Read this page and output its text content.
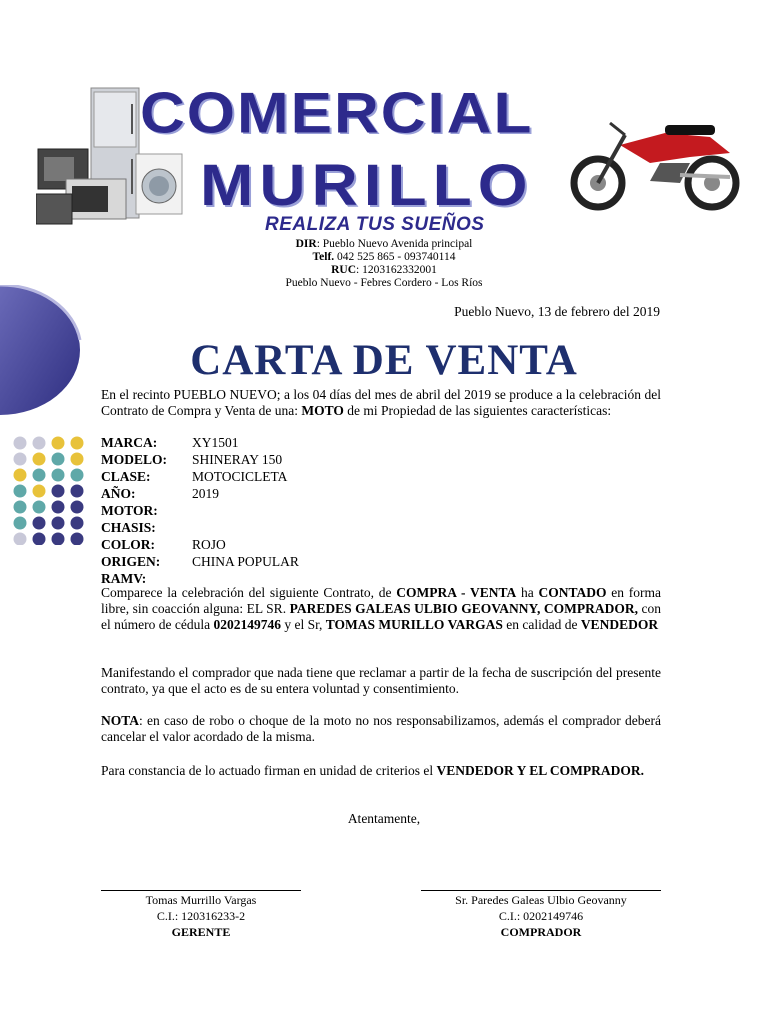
COMERCIAL
MURILLO
REALIZA TUS SUEÑOS
DIR: Pueblo Nuevo Avenida principal
Telf. 042 525 865 - 093740114
RUC: 1203162332001
Pueblo Nuevo - Febres Cordero - Los Ríos
Pueblo Nuevo, 13 de febrero del 2019
CARTA DE VENTA
En el recinto PUEBLO NUEVO; a los 04 días del mes de abril del 2019 se produce a la celebración del Contrato de Compra y Venta de una: MOTO de mi Propiedad de las siguientes características:
MARCA:	XY1501
MODELO:	SHINERAY 150
CLASE:	MOTOCICLETA
AÑO:	2019
MOTOR:
CHASIS:
COLOR:	ROJO
ORIGEN:	CHINA POPULAR
RAMV:
Comparece la celebración del siguiente Contrato, de COMPRA - VENTA ha CONTADO en forma libre, sin coacción alguna: EL SR. PAREDES GALEAS ULBIO GEOVANNY, COMPRADOR, con el número de cédula 0202149746 y el Sr, TOMAS MURILLO VARGAS en calidad de VENDEDOR
Manifestando el comprador que nada tiene que reclamar a partir de la fecha de suscripción del presente contrato, ya que el acto es de su entera voluntad y consentimiento.
NOTA: en caso de robo o choque de la moto no nos responsabilizamos, además el comprador deberá cancelar el valor acordado de la misma.
Para constancia de lo actuado firman en unidad de criterios el VENDEDOR Y EL COMPRADOR.
Atentamente,
Tomas Murrillo Vargas
C.I.: 120316233-2
GERENTE
Sr. Paredes Galeas Ulbio Geovanny
C.I.: 0202149746
COMPRADOR
